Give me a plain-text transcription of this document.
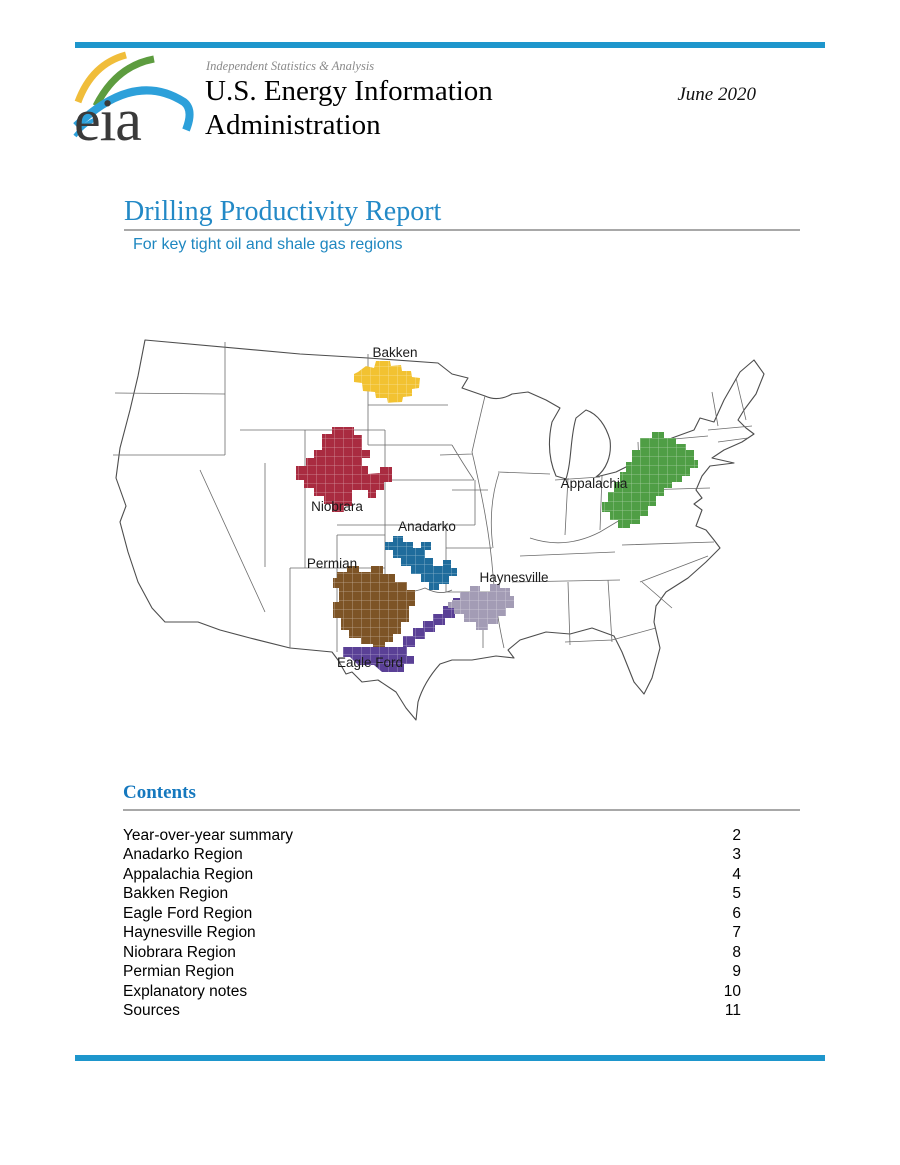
eia
Independent Statistics & Analysis
U.S. Energy Information
Administration
June 2020
Drilling Productivity Report
For key tight oil and shale gas regions
Bakken
Niobrara
Anadarko
Permian
Eagle Ford
Haynesville
Appalachia
Contents
Year-over-year summary	2
Anadarko Region	3
Appalachia Region	4
Bakken Region	5
Eagle Ford Region	6
Haynesville Region	7
Niobrara Region	8
Permian Region	9
Explanatory notes	10
Sources	11
